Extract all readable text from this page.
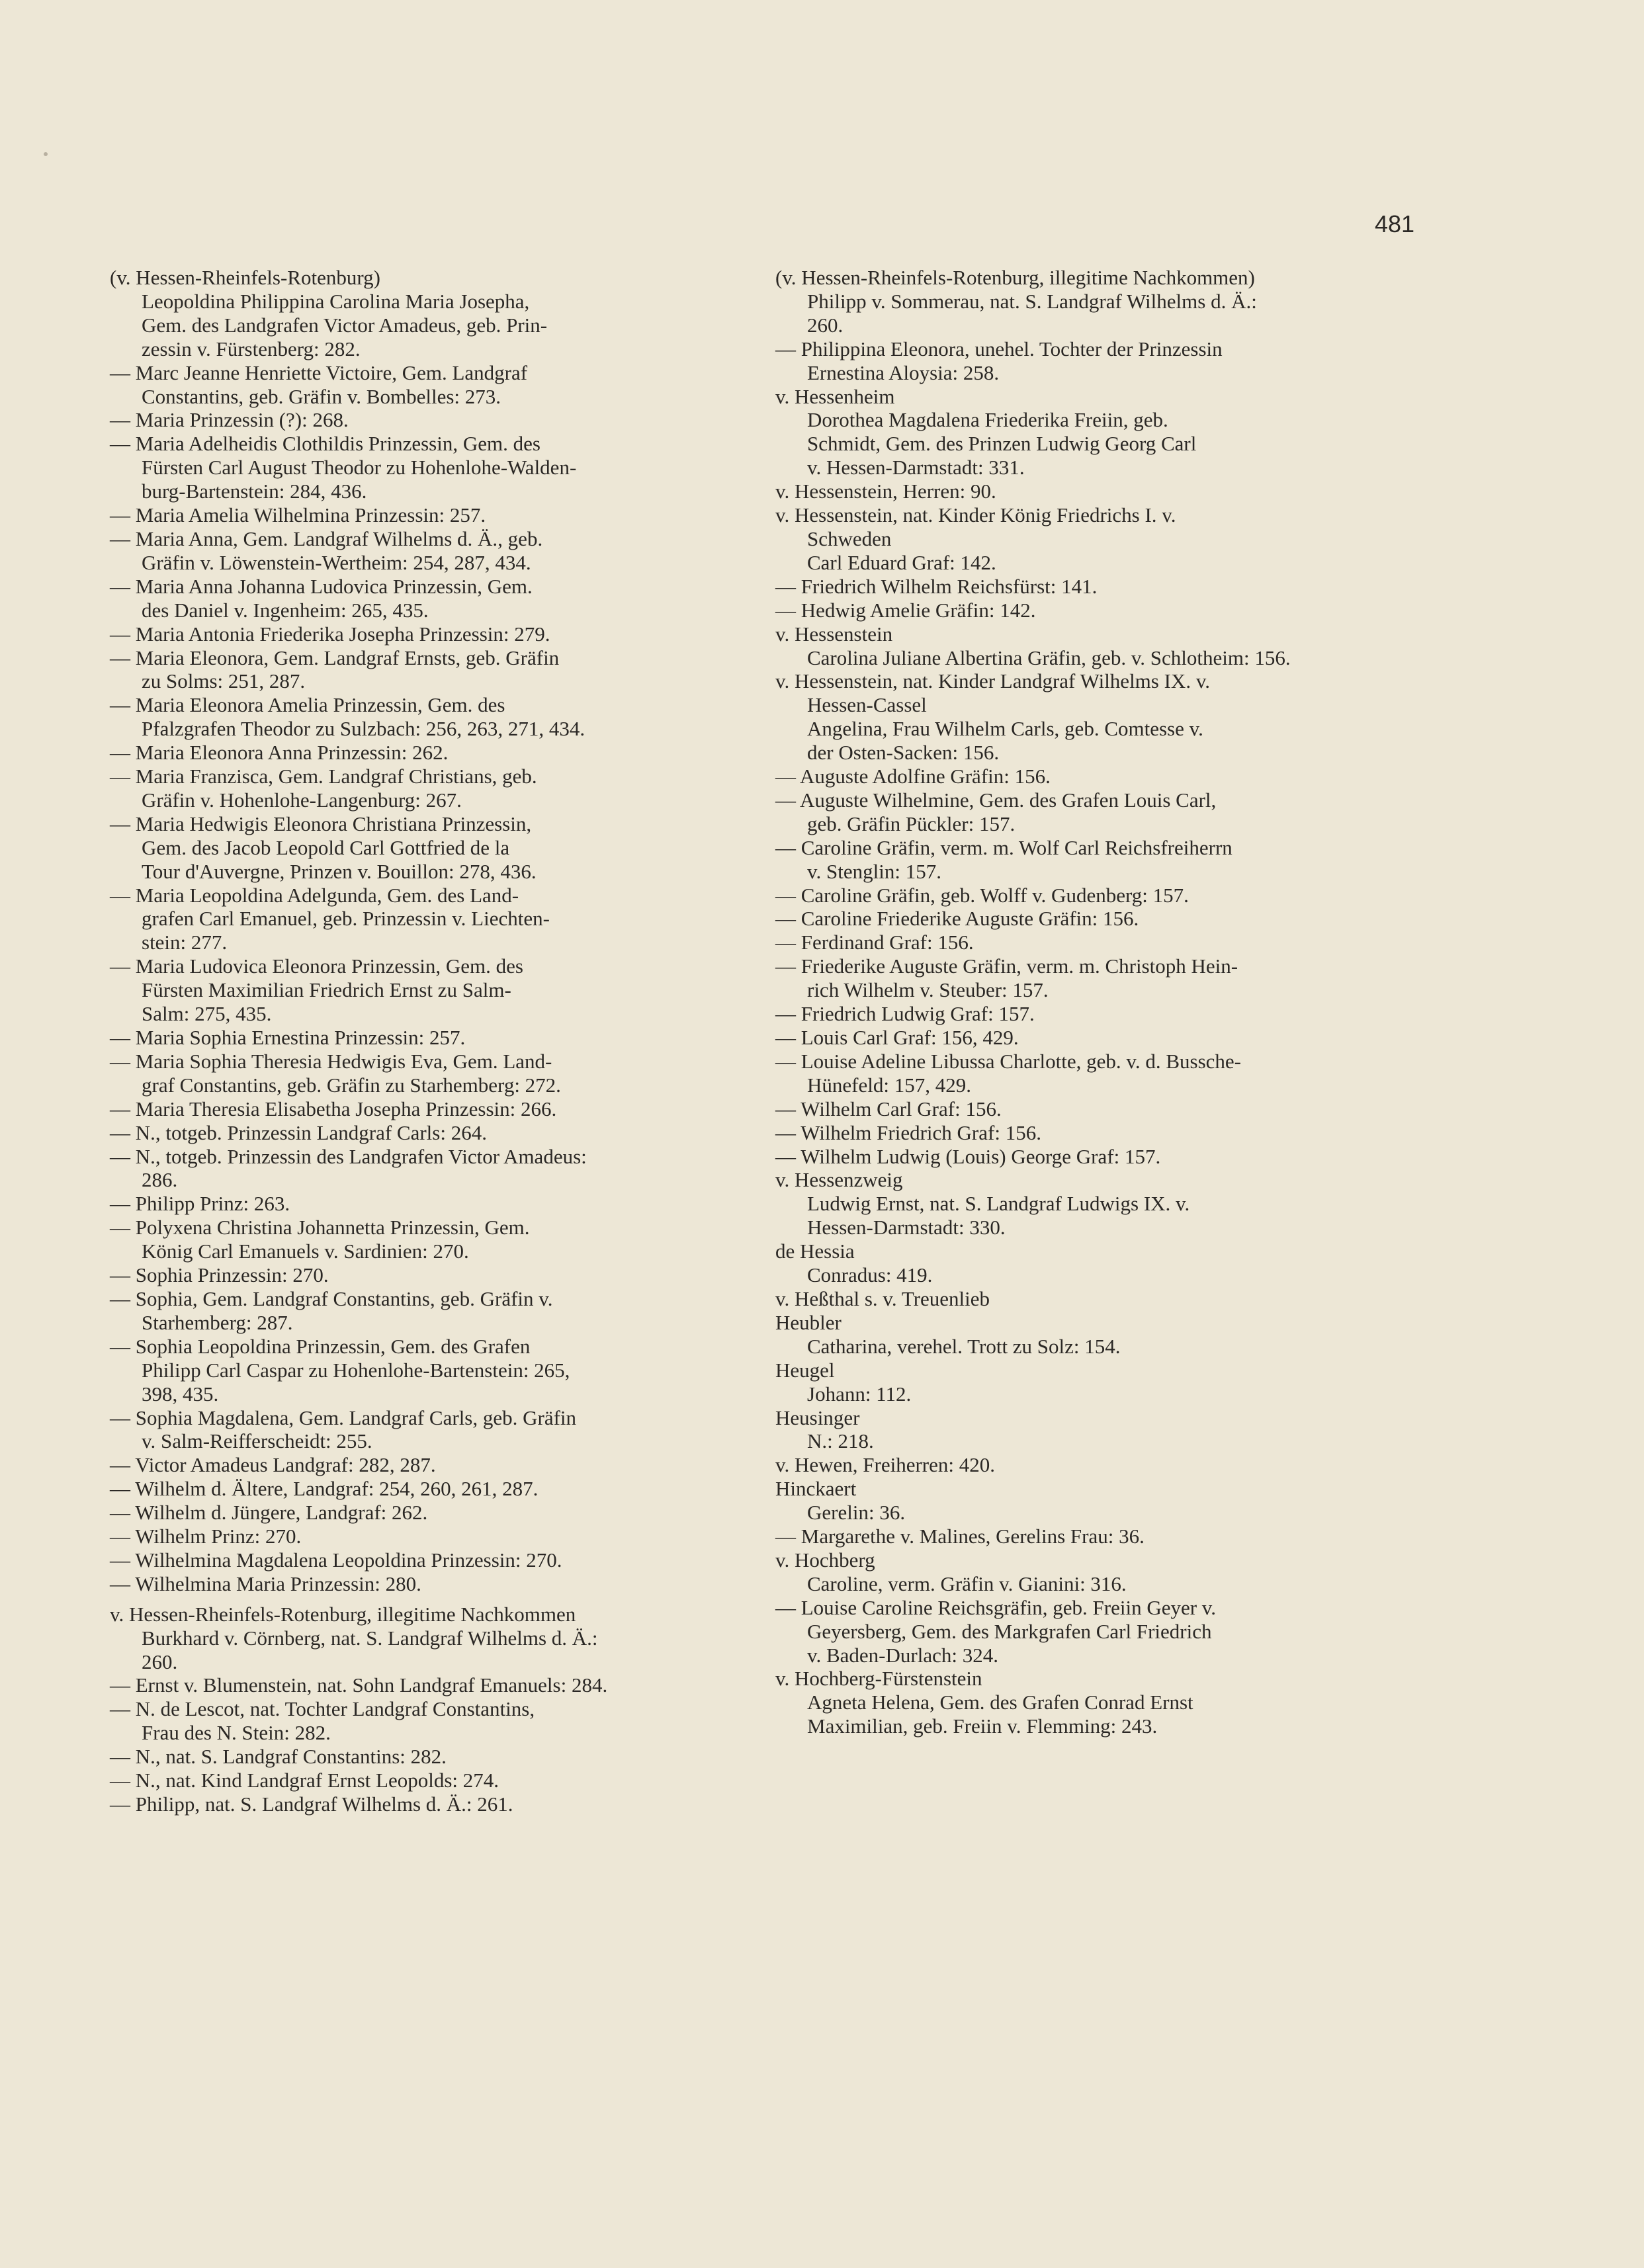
481
(v. Hessen-Rheinfels-Rotenburg)
Leopoldina Philippina Carolina Maria Josepha,
Gem. des Landgrafen Victor Amadeus, geb. Prin-
zessin v. Fürstenberg: 282.
— Marc Jeanne Henriette Victoire, Gem. Landgraf
Constantins, geb. Gräfin v. Bombelles: 273.
— Maria Prinzessin (?): 268.
— Maria Adelheidis Clothildis Prinzessin, Gem. des
Fürsten Carl August Theodor zu Hohenlohe-Walden-
burg-Bartenstein: 284, 436.
— Maria Amelia Wilhelmina Prinzessin: 257.
— Maria Anna, Gem. Landgraf Wilhelms d. Ä., geb.
Gräfin v. Löwenstein-Wertheim: 254, 287, 434.
— Maria Anna Johanna Ludovica Prinzessin, Gem.
des Daniel v. Ingenheim: 265, 435.
— Maria Antonia Friederika Josepha Prinzessin: 279.
— Maria Eleonora, Gem. Landgraf Ernsts, geb. Gräfin
zu Solms: 251, 287.
— Maria Eleonora Amelia Prinzessin, Gem. des
Pfalzgrafen Theodor zu Sulzbach: 256, 263, 271, 434.
— Maria Eleonora Anna Prinzessin: 262.
— Maria Franzisca, Gem. Landgraf Christians, geb.
Gräfin v. Hohenlohe-Langenburg: 267.
— Maria Hedwigis Eleonora Christiana Prinzessin,
Gem. des Jacob Leopold Carl Gottfried de la
Tour d'Auvergne, Prinzen v. Bouillon: 278, 436.
— Maria Leopoldina Adelgunda, Gem. des Land-
grafen Carl Emanuel, geb. Prinzessin v. Liechten-
stein: 277.
— Maria Ludovica Eleonora Prinzessin, Gem. des
Fürsten Maximilian Friedrich Ernst zu Salm-
Salm: 275, 435.
— Maria Sophia Ernestina Prinzessin: 257.
— Maria Sophia Theresia Hedwigis Eva, Gem. Land-
graf Constantins, geb. Gräfin zu Starhemberg: 272.
— Maria Theresia Elisabetha Josepha Prinzessin: 266.
— N., totgeb. Prinzessin Landgraf Carls: 264.
— N., totgeb. Prinzessin des Landgrafen Victor Amadeus:
286.
— Philipp Prinz: 263.
— Polyxena Christina Johannetta Prinzessin, Gem.
König Carl Emanuels v. Sardinien: 270.
— Sophia Prinzessin: 270.
— Sophia, Gem. Landgraf Constantins, geb. Gräfin v.
Starhemberg: 287.
— Sophia Leopoldina Prinzessin, Gem. des Grafen
Philipp Carl Caspar zu Hohenlohe-Bartenstein: 265,
398, 435.
— Sophia Magdalena, Gem. Landgraf Carls, geb. Gräfin
v. Salm-Reifferscheidt: 255.
— Victor Amadeus Landgraf: 282, 287.
— Wilhelm d. Ältere, Landgraf: 254, 260, 261, 287.
— Wilhelm d. Jüngere, Landgraf: 262.
— Wilhelm Prinz: 270.
— Wilhelmina Magdalena Leopoldina Prinzessin: 270.
— Wilhelmina Maria Prinzessin: 280.
v. Hessen-Rheinfels-Rotenburg, illegitime Nachkommen
Burkhard v. Cörnberg, nat. S. Landgraf Wilhelms d. Ä.:
260.
— Ernst v. Blumenstein, nat. Sohn Landgraf Emanuels: 284.
— N. de Lescot, nat. Tochter Landgraf Constantins,
Frau des N. Stein: 282.
— N., nat. S. Landgraf Constantins: 282.
— N., nat. Kind Landgraf Ernst Leopolds: 274.
— Philipp, nat. S. Landgraf Wilhelms d. Ä.: 261.
(v. Hessen-Rheinfels-Rotenburg, illegitime Nachkommen)
Philipp v. Sommerau, nat. S. Landgraf Wilhelms d. Ä.:
260.
— Philippina Eleonora, unehel. Tochter der Prinzessin
Ernestina Aloysia: 258.
v. Hessenheim
Dorothea Magdalena Friederika Freiin, geb.
Schmidt, Gem. des Prinzen Ludwig Georg Carl
v. Hessen-Darmstadt: 331.
v. Hessenstein, Herren: 90.
v. Hessenstein, nat. Kinder König Friedrichs I. v.
Schweden
Carl Eduard Graf: 142.
— Friedrich Wilhelm Reichsfürst: 141.
— Hedwig Amelie Gräfin: 142.
v. Hessenstein
Carolina Juliane Albertina Gräfin, geb. v. Schlotheim: 156.
v. Hessenstein, nat. Kinder Landgraf Wilhelms IX. v.
Hessen-Cassel
Angelina, Frau Wilhelm Carls, geb. Comtesse v.
der Osten-Sacken: 156.
— Auguste Adolfine Gräfin: 156.
— Auguste Wilhelmine, Gem. des Grafen Louis Carl,
geb. Gräfin Pückler: 157.
— Caroline Gräfin, verm. m. Wolf Carl Reichsfreiherrn
v. Stenglin: 157.
— Caroline Gräfin, geb. Wolff v. Gudenberg: 157.
— Caroline Friederike Auguste Gräfin: 156.
— Ferdinand Graf: 156.
— Friederike Auguste Gräfin, verm. m. Christoph Hein-
rich Wilhelm v. Steuber: 157.
— Friedrich Ludwig Graf: 157.
— Louis Carl Graf: 156, 429.
— Louise Adeline Libussa Charlotte, geb. v. d. Bussche-
Hünefeld: 157, 429.
— Wilhelm Carl Graf: 156.
— Wilhelm Friedrich Graf: 156.
— Wilhelm Ludwig (Louis) George Graf: 157.
v. Hessenzweig
Ludwig Ernst, nat. S. Landgraf Ludwigs IX. v.
Hessen-Darmstadt: 330.
de Hessia
Conradus: 419.
v. Heßthal s. v. Treuenlieb
Heubler
Catharina, verehel. Trott zu Solz: 154.
Heugel
Johann: 112.
Heusinger
N.: 218.
v. Hewen, Freiherren: 420.
Hinckaert
Gerelin: 36.
— Margarethe v. Malines, Gerelins Frau: 36.
v. Hochberg
Caroline, verm. Gräfin v. Gianini: 316.
— Louise Caroline Reichsgräfin, geb. Freiin Geyer v.
Geyersberg, Gem. des Markgrafen Carl Friedrich
v. Baden-Durlach: 324.
v. Hochberg-Fürstenstein
Agneta Helena, Gem. des Grafen Conrad Ernst
Maximilian, geb. Freiin v. Flemming: 243.
